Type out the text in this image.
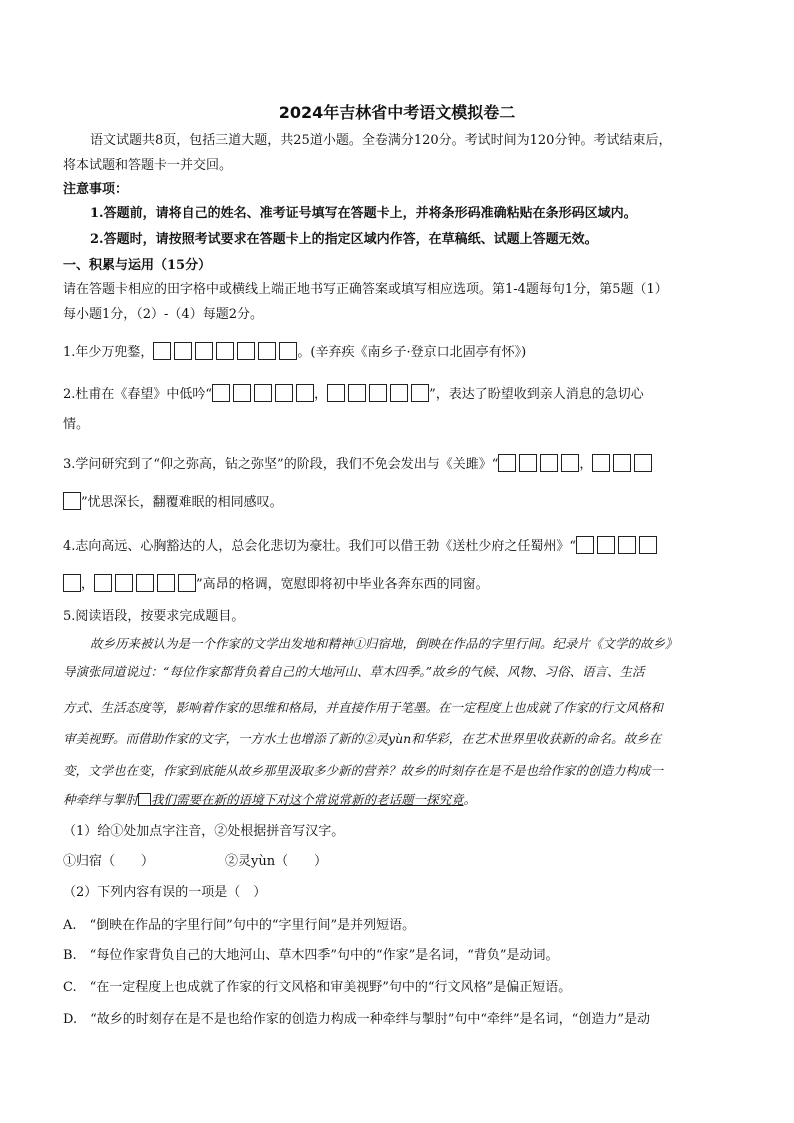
2024年吉林省中考语文模拟卷二
语文试题共8页，包括三道大题，共25道小题。全卷满分120分。考试时间为120分钟。考试结束后，
将本试题和答题卡一并交回。
注意事项：
1.答题前，请将自己的姓名、准考证号填写在答题卡上，并将条形码准确粘贴在条形码区域内。
2.答题时，请按照考试要求在答题卡上的指定区域内作答，在草稿纸、试题上答题无效。
一、积累与运用（15分）
请在答题卡相应的田字格中或横线上端正地书写正确答案或填写相应选项。第1-4题每句1分，第5题（1）
每小题1分，（2）-（4）每题2分。
1.年少万兜鍪，	。(辛弃疾《南乡子·登京口北固亭有怀》)
2.杜甫在《春望》中低吟“	，	”，表达了盼望收到亲人消息的急切心
情。
3.学问研究到了“仰之弥高，钻之弥坚”的阶段，我们不免会发出与《关雎》“	，
”忧思深长，翻覆难眠的相同感叹。
4.志向高远、心胸豁达的人，总会化悲切为豪壮。我们可以借王勃《送杜少府之任蜀州》“
，	”高昂的格调，宽慰即将初中毕业各奔东西的同窗。
5.阅读语段，按要求完成题目。
故乡历来被认为是一个作家的文学出发地和精神①归宿地，倒映在作品的字里行间。纪录片《文学的故乡》
导演张同道说过：“每位作家都背负着自己的大地河山、草木四季。”故乡的气候、风物、习俗、语言、生活
方式、生活态度等，影响着作家的思维和格局，并直接作用于笔墨。在一定程度上也成就了作家的行文风格和
审美视野。而借助作家的文字，一方水土也增添了新的②灵yùn和华彩，在艺术世界里收获新的命名。故乡在
变，文学也在变，作家到底能从故乡那里汲取多少新的营养？故乡的时刻存在是不是也给作家的创造力构成一
种牵绊与掣肘 我们需要在新的语境下对这个常说常新的老话题一探究竟。
（1）给①处加点字注音，②处根据拼音写汉字。
①归宿（　　）	②灵yùn（　　）
（2）下列内容有误的一项是（　）
A.　“倒映在作品的字里行间”句中的“字里行间”是并列短语。
B.　“每位作家背负自己的大地河山、草木四季”句中的“作家”是名词，“背负”是动词。
C.　“在一定程度上也成就了作家的行文风格和审美视野”句中的“行文风格”是偏正短语。
D.　“故乡的时刻存在是不是也给作家的创造力构成一种牵绊与掣肘”句中“牵绊”是名词，“创造力”是动
